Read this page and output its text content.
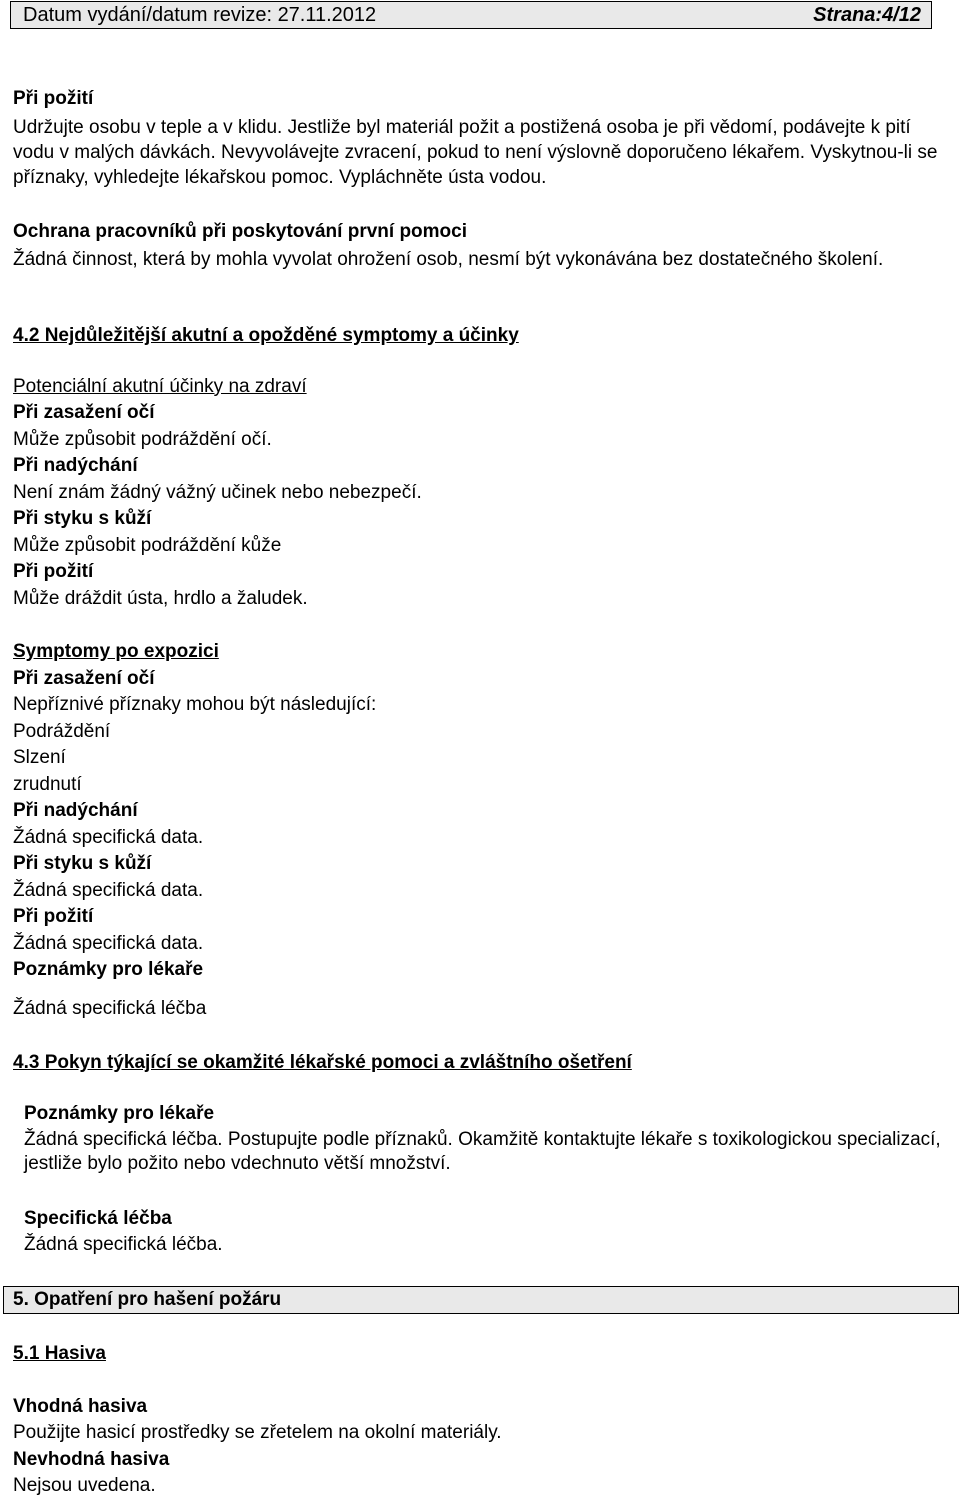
Datum vydání/datum revize: 27.11.2012	Strana:4/12

Při požití

Udržujte osobu v teple a v klidu. Jestliže byl materiál požit a postižená osoba je při vědomí, podávejte k pití vodu v malých dávkách. Nevyvolávejte zvracení, pokud to není výslovně doporučeno lékařem. Vyskytnou-li se příznaky, vyhledejte lékařskou pomoc. Vypláchněte ústa vodou.

Ochrana pracovníků při poskytování první pomoci

Žádná činnost, která by mohla vyvolat ohrožení osob, nesmí být vykonávána bez dostatečného školení.

4.2 Nejdůležitější akutní a opožděné symptomy a účinky

Potenciální akutní účinky na zdraví

Při zasažení očí

Může způsobit podráždění očí.

Při nadýchání

Není znám žádný vážný učinek nebo nebezpečí.

Při styku s kůží

Může způsobit podráždění kůže

Při požití

Může dráždit ústa, hrdlo a žaludek.

Symptomy po expozici

Při zasažení očí

Nepříznivé příznaky mohou být následující:

Podráždění

Slzení

zrudnutí

Při nadýchání

Žádná specifická data.

Při styku s kůží

Žádná specifická data.

Při požití

Žádná specifická data.

Poznámky pro lékaře

Žádná specifická léčba

4.3 Pokyn týkající se okamžité lékařské pomoci a zvláštního ošetření

Poznámky pro lékaře

Žádná specifická léčba. Postupujte podle příznaků. Okamžitě kontaktujte lékaře s toxikologickou specializací, jestliže bylo požito nebo vdechnuto větší množství.

Specifická léčba

Žádná specifická léčba.

5. Opatření pro hašení požáru

5.1 Hasiva

Vhodná hasiva

Použijte hasicí prostředky se zřetelem na okolní materiály.

Nevhodná hasiva

Nejsou uvedena.
